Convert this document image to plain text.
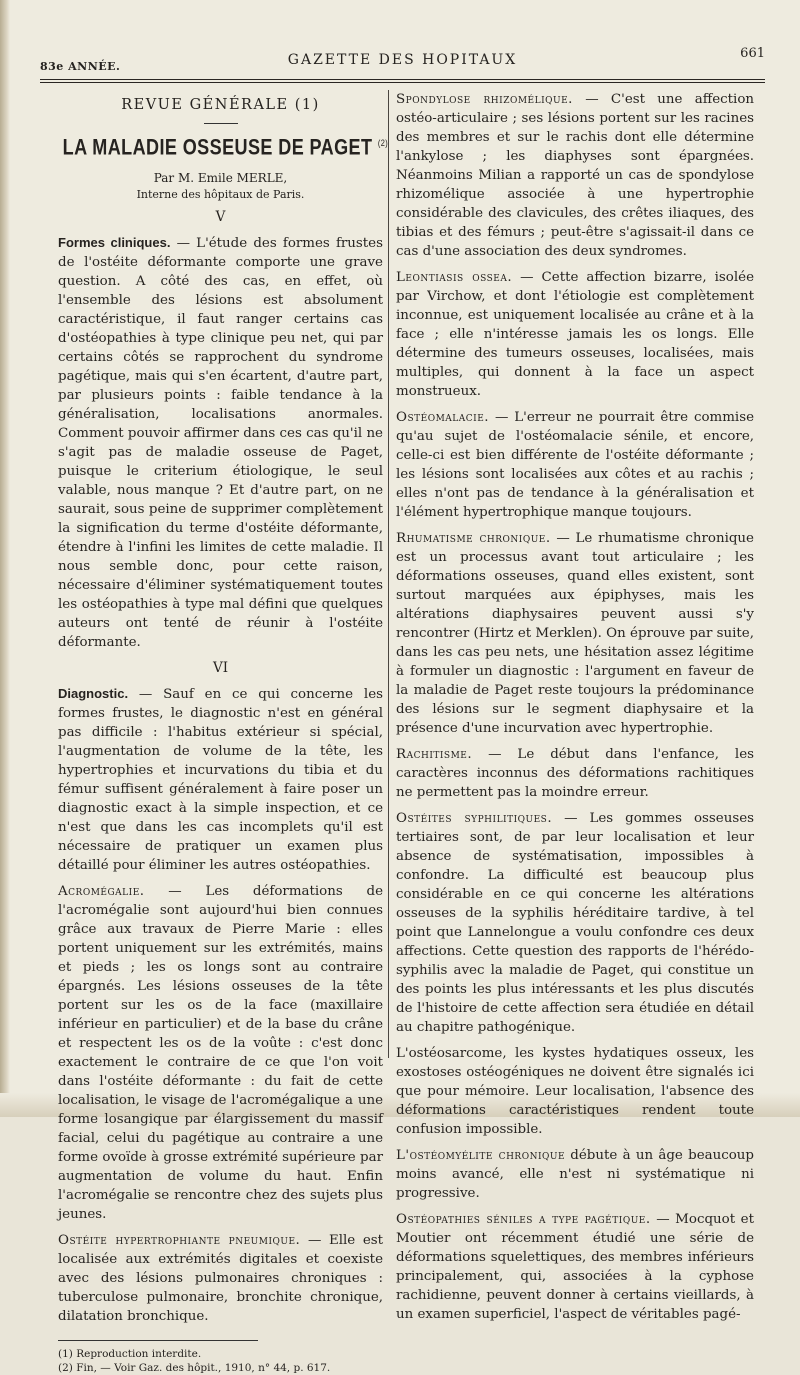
83e ANNÉE.	GAZETTE DES HOPITAUX	661
REVUE GÉNÉRALE (1)
LA MALADIE OSSEUSE DE PAGET $^{(2)}$
Par M. Emile MERLE,
Interne des hôpitaux de Paris.
V

Formes cliniques. — L'étude des formes frustes de l'ostéite déformante comporte une grave question. A côté des cas, en effet, où l'ensemble des lésions est absolument caractéristique, il faut ranger certains cas d'ostéopathies à type clinique peu net, qui par certains côtés se rapprochent du syndrome pagétique, mais qui s'en écartent, d'autre part, par plusieurs points : faible tendance à la généralisation, localisations anormales. Comment pouvoir affirmer dans ces cas qu'il ne s'agit pas de maladie osseuse de Paget, puisque le criterium étiologique, le seul valable, nous manque ? Et d'autre part, on ne saurait, sous peine de supprimer complètement la signification du terme d'ostéite déformante, étendre à l'infini les limites de cette maladie. Il nous semble donc, pour cette raison, nécessaire d'éliminer systématiquement toutes les ostéopathies à type mal défini que quelques auteurs ont tenté de réunir à l'ostéite déformante.

VI

Diagnostic. — Sauf en ce qui concerne les formes frustes, le diagnostic n'est en général pas difficile : l'habitus extérieur si spécial, l'augmentation de volume de la tête, les hypertrophies et incurvations du tibia et du fémur suffisent généralement à faire poser un diagnostic exact à la simple inspection, et ce n'est que dans les cas incomplets qu'il est nécessaire de pratiquer un examen plus détaillé pour éliminer les autres ostéopathies.

Acromégalie. — Les déformations de l'acromégalie sont aujourd'hui bien connues grâce aux travaux de Pierre Marie : elles portent uniquement sur les extrémités, mains et pieds ; les os longs sont au contraire épargnés. Les lésions osseuses de la tête portent sur les os de la face (maxillaire inférieur en particulier) et de la base du crâne et respectent les os de la voûte : c'est donc exactement le contraire de ce que l'on voit dans l'ostéite déformante : du fait de cette localisation, le visage de l'acromégalique a une forme losangique par élargissement du massif facial, celui du pagétique au contraire a une forme ovoïde à grosse extrémité supérieure par augmentation de volume du haut. Enfin l'acromégalie se rencontre chez des sujets plus jeunes.

Ostéite hypertrophiante pneumique. — Elle est localisée aux extrémités digitales et coexiste avec des lésions pulmonaires chroniques : tuberculose pulmonaire, bronchite chronique, dilatation bronchique.

(1) Reproduction interdite.
(2) Fin, — Voir Gaz. des hôpit., 1910, n° 44, p. 617.

Spondylose rhizomélique. — C'est une affection ostéo-articulaire ; ses lésions portent sur les racines des membres et sur le rachis dont elle détermine l'ankylose ; les diaphyses sont épargnées. Néanmoins Milian a rapporté un cas de spondylose rhizomélique associée à une hypertrophie considérable des clavicules, des crêtes iliaques, des tibias et des fémurs ; peut-être s'agissait-il dans ce cas d'une association des deux syndromes.

Leontiasis ossea. — Cette affection bizarre, isolée par Virchow, et dont l'étiologie est complètement inconnue, est uniquement localisée au crâne et à la face ; elle n'intéresse jamais les os longs. Elle détermine des tumeurs osseuses, localisées, mais multiples, qui donnent à la face un aspect monstrueux.

Ostéomalacie. — L'erreur ne pourrait être commise qu'au sujet de l'ostéomalacie sénile, et encore, celle-ci est bien différente de l'ostéite déformante ; les lésions sont localisées aux côtes et au rachis ; elles n'ont pas de tendance à la généralisation et l'élément hypertrophique manque toujours.

Rhumatisme chronique. — Le rhumatisme chronique est un processus avant tout articulaire ; les déformations osseuses, quand elles existent, sont surtout marquées aux épiphyses, mais les altérations diaphysaires peuvent aussi s'y rencontrer (Hirtz et Merklen). On éprouve par suite, dans les cas peu nets, une hésitation assez légitime à formuler un diagnostic : l'argument en faveur de la maladie de Paget reste toujours la prédominance des lésions sur le segment diaphysaire et la présence d'une incurvation avec hypertrophie.

Rachitisme. — Le début dans l'enfance, les caractères inconnus des déformations rachitiques ne permettent pas la moindre erreur.

Ostéites syphilitiques. — Les gommes osseuses tertiaires sont, de par leur localisation et leur absence de systématisation, impossibles à confondre. La difficulté est beaucoup plus considérable en ce qui concerne les altérations osseuses de la syphilis héréditaire tardive, à tel point que Lannelongue a voulu confondre ces deux affections. Cette question des rapports de l'hérédo-syphilis avec la maladie de Paget, qui constitue un des points les plus intéressants et les plus discutés de l'histoire de cette affection sera étudiée en détail au chapitre pathogénique.

L'ostéosarcome, les kystes hydatiques osseux, les exostoses ostéogéniques ne doivent être signalés ici que pour mémoire. Leur localisation, l'absence des déformations caractéristiques rendent toute confusion impossible.

L'ostéomyélite chronique débute à un âge beaucoup moins avancé, elle n'est ni systématique ni progressive.

Ostéopathies séniles a type pagétique. — Mocquot et Moutier ont récemment étudié une série de déformations squelettiques, des membres inférieurs principalement, qui, associées à la cyphose rachidienne, peuvent donner à certains vieillards, à un examen superficiel, l'aspect de véritables pagé-
